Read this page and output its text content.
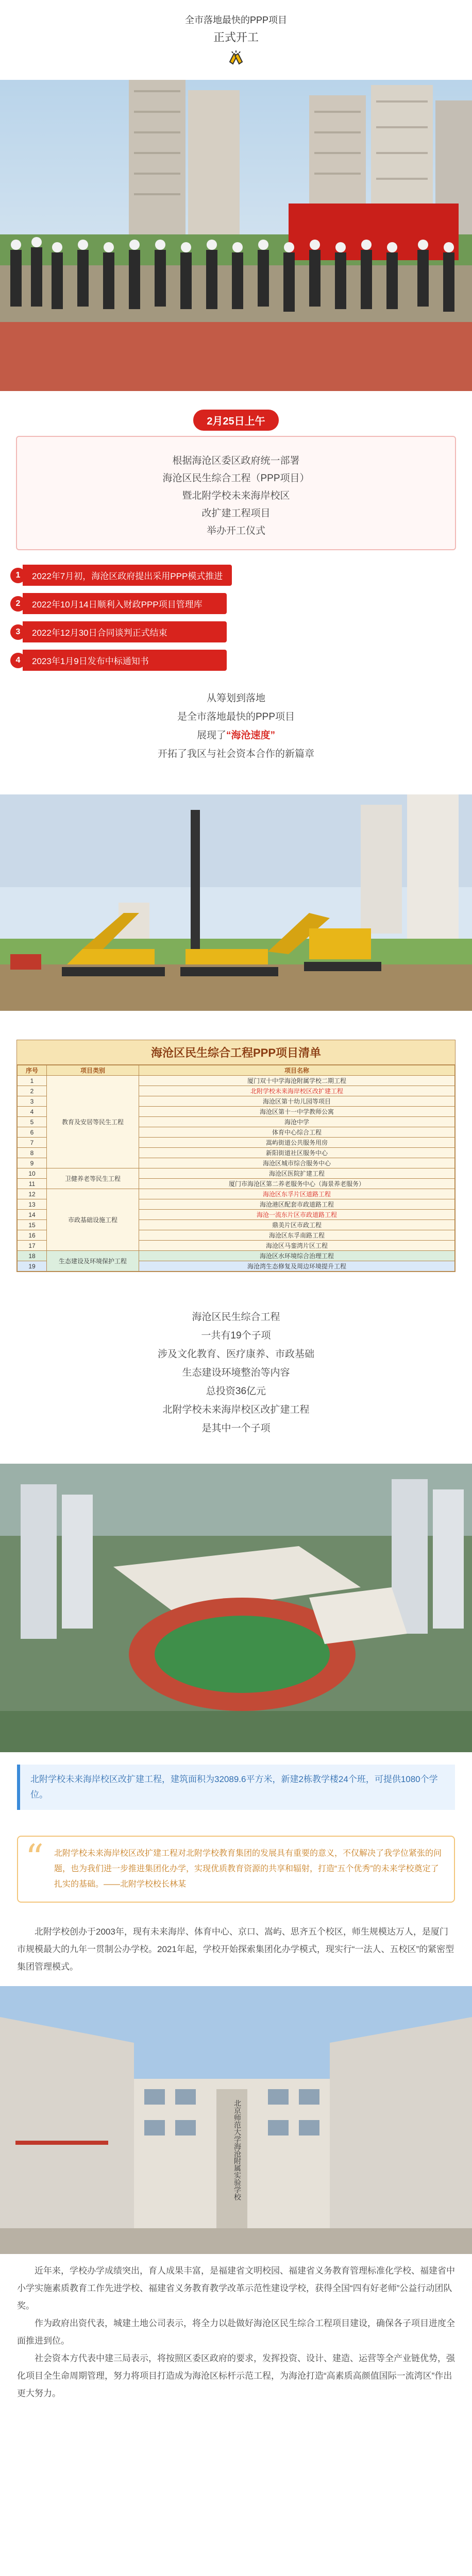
全市落地最快的PPP项目
正式开工
2月25日上午
根据海沧区委区政府统一部署
海沧区民生综合工程（PPP项目）
暨北附学校未来海岸校区
改扩建工程项目
举办开工仪式
1	2022年7月初，海沧区政府提出采用PPP模式推进
2	2022年10月14日顺利入财政PPP项目管理库
3	2022年12月30日合同谈判正式结束
4	2023年1月9日发布中标通知书
从筹划到落地
是全市落地最快的PPP项目
展现了“海沧速度”
开拓了我区与社会资本合作的新篇章
海沧区民生综合工程PPP项目清单
序号	项目类别	项目名称
1	教育及安居等民生工程	厦门双十中学海沧附属学校二期工程
2		北附学校未来海岸校区改扩建工程
3		海沧区第十幼儿园等项目
4		海沧区第十一中学教师公寓
5		海沧中学
6		体育中心综合工程
7		嵩屿街道公共服务用房
8		新阳街道社区服务中心
9		海沧区城市综合服务中心
10	卫健养老等民生工程	海沧区医院扩建工程
11		厦门市海沧区第二养老服务中心（海景养老服务）
12	市政基础设施工程	海沧区东孚片区道路工程
13		海沧港区配套市政道路工程
14		海沧一流东片区市政道路工程
15		鼎美片区市政工程
16		海沧区东孚南路工程
17		海沧区马銮湾片区工程
18	生态建设及环境保护工程	海沧区水环境综合治理工程
19		海沧湾生态修复及周边环境提升工程
海沧区民生综合工程
一共有19个子项
涉及文化教育、医疗康养、市政基础
生态建设环境整治等内容
总投资36亿元
北附学校未来海岸校区改扩建工程
是其中一个子项
北附学校未来海岸校区改扩建工程，建筑面积为32089.6平方米，新建2栋教学楼24个班，可提供1080个学位。
“ 北附学校未来海岸校区改扩建工程对北附学校教育集团的发展具有重要的意义，不仅解决了我学位紧张的问题，也为我们进一步推进集团化办学，实现优质教育资源的共享和辐射，打造“五个优秀”的未来学校奠定了扎实的基础。——北附学校校长林某

北附学校创办于2003年，现有未来海岸、体育中心、京口、嵩屿、思齐五个校区，师生规模达万人，是厦门市规模最大的九年一贯制公办学校。2021年起，学校开始探索集团化办学模式，现实行“一法人、五校区”的紧密型集团管理模式。

北京师范大学海沧附属实验学校

近年来，学校办学成绩突出，育人成果丰富，是福建省文明校园、福建省义务教育管理标准化学校、福建省中小学实施素质教育工作先进学校、福建省义务教育教学改革示范性建设学校，获得全国“四有好老师”公益行动团队奖。

作为政府出资代表，城建土地公司表示，将全力以赴做好海沧区民生综合工程项目建设，确保各子项目进度全面推进到位。

社会资本方代表中建三局表示，将按照区委区政府的要求，发挥投资、设计、建造、运营等全产业链优势，强化项目全生命周期管理，努力将项目打造成为海沧区标杆示范工程，为海沧打造“高素质高颜值国际一流湾区”作出更大努力。
